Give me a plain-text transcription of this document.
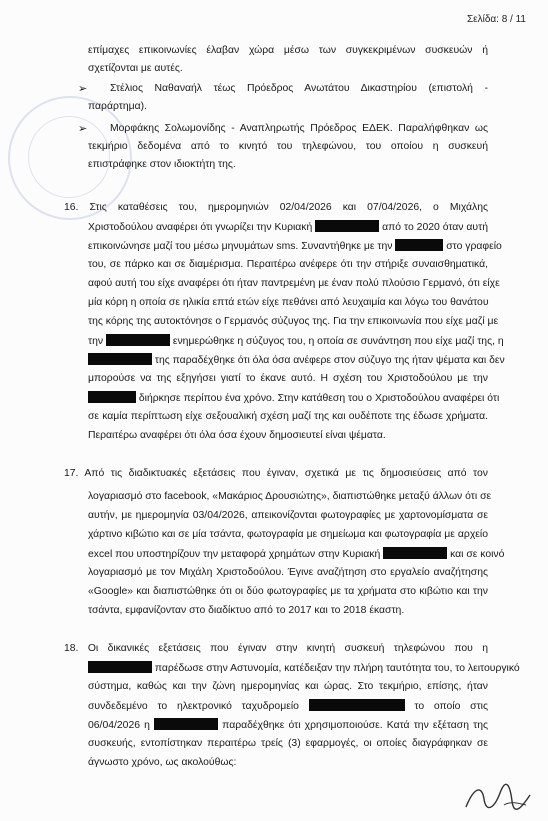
Σελίδα: 8 / 11
επίμαχες επικοινωνίες έλαβαν χώρα μέσω των συγκεκριμένων συσκευών ή
σχετίζονται με αυτές.
➢ Στέλιος Ναθαναήλ τέως Πρόεδρος Ανωτάτου Δικαστηρίου (επιστολή -
παράρτημα).
➢ Μορφάκης Σολωμονίδης - Αναπληρωτής Πρόεδρος ΕΔΕΚ. Παραλήφθηκαν ως
τεκμήριο δεδομένα από το κινητό του τηλεφώνου, του οποίου η συσκευή
επιστράφηκε στον ιδιοκτήτη της.
16. Στις καταθέσεις του, ημερομηνιών 02/04/2026 και 07/04/2026, ο Μιχάλης
Χριστοδούλου αναφέρει ότι γνωρίζει την Κυριακή	από το 2020 όταν αυτή
επικοινώνησε μαζί του μέσω μηνυμάτων sms. Συναντήθηκε με την	στο γραφείο
του, σε πάρκο και σε διαμέρισμα. Περαιτέρω ανέφερε ότι την στήριξε συναισθηματικά,
αφού αυτή του είχε αναφέρει ότι ήταν παντρεμένη με έναν πολύ πλούσιο Γερμανό, ότι είχε
μία κόρη η οποία σε ηλικία επτά ετών είχε πεθάνει από λευχαιμία και λόγω του θανάτου
της κόρης της αυτοκτόνησε ο Γερμανός σύζυγος της. Για την επικοινωνία που είχε μαζί με
την	ενημερώθηκε η σύζυγος του, η οποία σε συνάντηση που είχε μαζί της, η
της παραδέχθηκε ότι όλα όσα ανέφερε στον σύζυγο της ήταν ψέματα και δεν
μπορούσε να της εξηγήσει γιατί το έκανε αυτό. Η σχέση του Χριστοδούλου με την
διήρκησε περίπου ένα χρόνο. Στην κατάθεση του ο Χριστοδούλου αναφέρει ότι
σε καμία περίπτωση είχε σεξουαλική σχέση μαζί της και ουδέποτε της έδωσε χρήματα.
Περαιτέρω αναφέρει ότι όλα όσα έχουν δημοσιευτεί είναι ψέματα.
17. Από τις διαδικτυακές εξετάσεις που έγιναν, σχετικά με τις δημοσιεύσεις από τον
λογαριασμό στο facebook, «Μακάριος Δρουσιώτης», διαπιστώθηκε μεταξύ άλλων ότι σε
αυτήν, με ημερομηνία 03/04/2026, απεικονίζονται φωτογραφίες με χαρτονομίσματα σε
χάρτινο κιβώτιο και σε μία τσάντα, φωτογραφία με σημείωμα και φωτογραφία με αρχείο
excel που υποστηρίζουν την μεταφορά χρημάτων στην Κυριακή	και σε κοινό
λογαριασμό με τον Μιχάλη Χριστοδούλου. Έγινε αναζήτηση στο εργαλείο αναζήτησης
«Google» και διαπιστώθηκε ότι οι δύο φωτογραφίες με τα χρήματα στο κιβώτιο και την
τσάντα, εμφανίζονταν στο διαδίκτυο από το 2017 και το 2018 έκαστη.
18. Οι δικανικές εξετάσεις που έγιναν στην κινητή συσκευή τηλεφώνου που η
παρέδωσε στην Αστυνομία, κατέδειξαν την πλήρη ταυτότητα του, το λειτουργικό
σύστημα, καθώς και την ζώνη ημερομηνίας και ώρας. Στο τεκμήριο, επίσης, ήταν
συνδεδεμένο το ηλεκτρονικό ταχυδρομείο	το οποίο στις
06/04/2026 η	παραδέχθηκε ότι χρησιμοποιούσε. Κατά την εξέταση της
συσκευής, εντοπίστηκαν περαιτέρω τρείς (3) εφαρμογές, οι οποίες διαγράφηκαν σε
άγνωστο χρόνο, ως ακολούθως:
